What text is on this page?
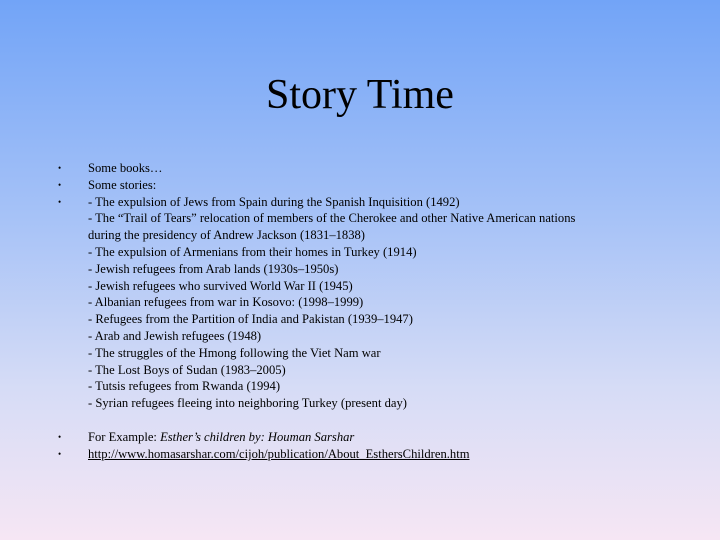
Story Time
•	Some books…
•	Some stories:
•	- The expulsion of Jews from Spain during the Spanish Inquisition (1492)
- The “Trail of Tears” relocation of members of the Cherokee and other Native American nations
during the presidency of Andrew Jackson (1831–1838)
- The expulsion of Armenians from their homes in Turkey (1914)
- Jewish refugees from Arab lands (1930s–1950s)
- Jewish refugees who survived World War II (1945)
- Albanian refugees from war in Kosovo: (1998–1999)
- Refugees from the Partition of India and Pakistan (1939–1947)
- Arab and Jewish refugees (1948)
- The struggles of the Hmong following the Viet Nam war
- The Lost Boys of Sudan (1983–2005)
- Tutsis refugees from Rwanda (1994)
- Syrian refugees fleeing into neighboring Turkey (present day)
•	For Example: Esther’s children by: Houman Sarshar
•	http://www.homasarshar.com/cijoh/publication/About_EsthersChildren.htm
